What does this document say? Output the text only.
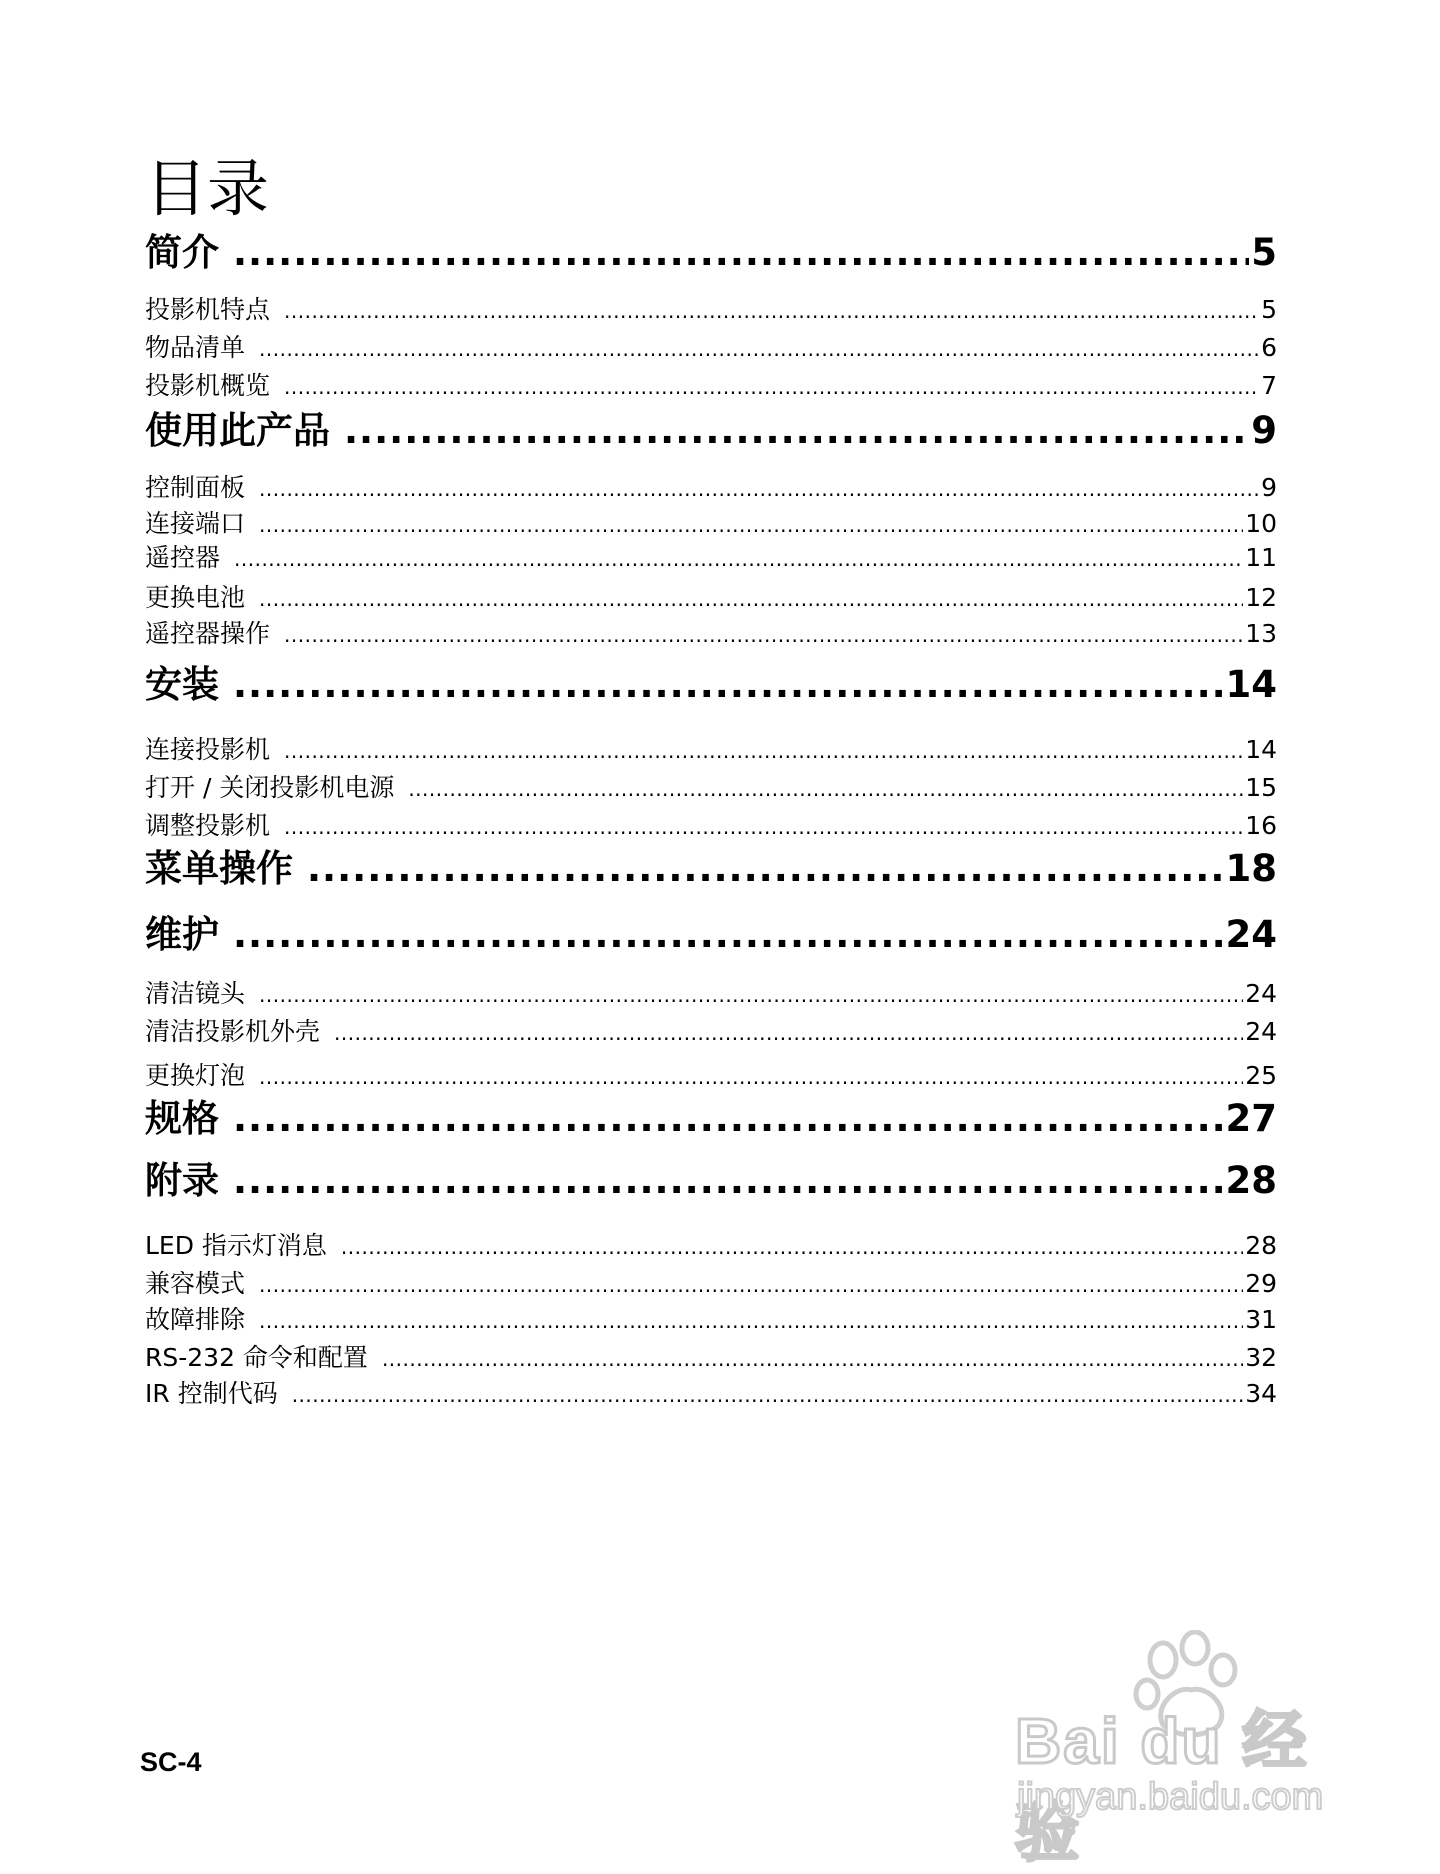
目录
简介 .....	5
投影机特点 .....	5
物品清单 .....	6
投影机概览 .....	7
使用此产品 .....	9
控制面板 .....	9
连接端口 .....	10
遥控器 .....	11
更换电池 .....	12
遥控器操作 .....	13
安装 .....	14
连接投影机 .....	14
打开 / 关闭投影机电源 .....	15
调整投影机 .....	16
菜单操作 .....	18
维护 .....	24
清洁镜头 .....	24
清洁投影机外壳 .....	24
更换灯泡 .....	25
规格 .....	27
附录 .....	28
LED 指示灯消息 .....	28
兼容模式 .....	29
故障排除 .....	31
RS-232 命令和配置 .....	32
IR 控制代码 .....	34
SC-4	Bai du 经验
jingyan.baidu.com
